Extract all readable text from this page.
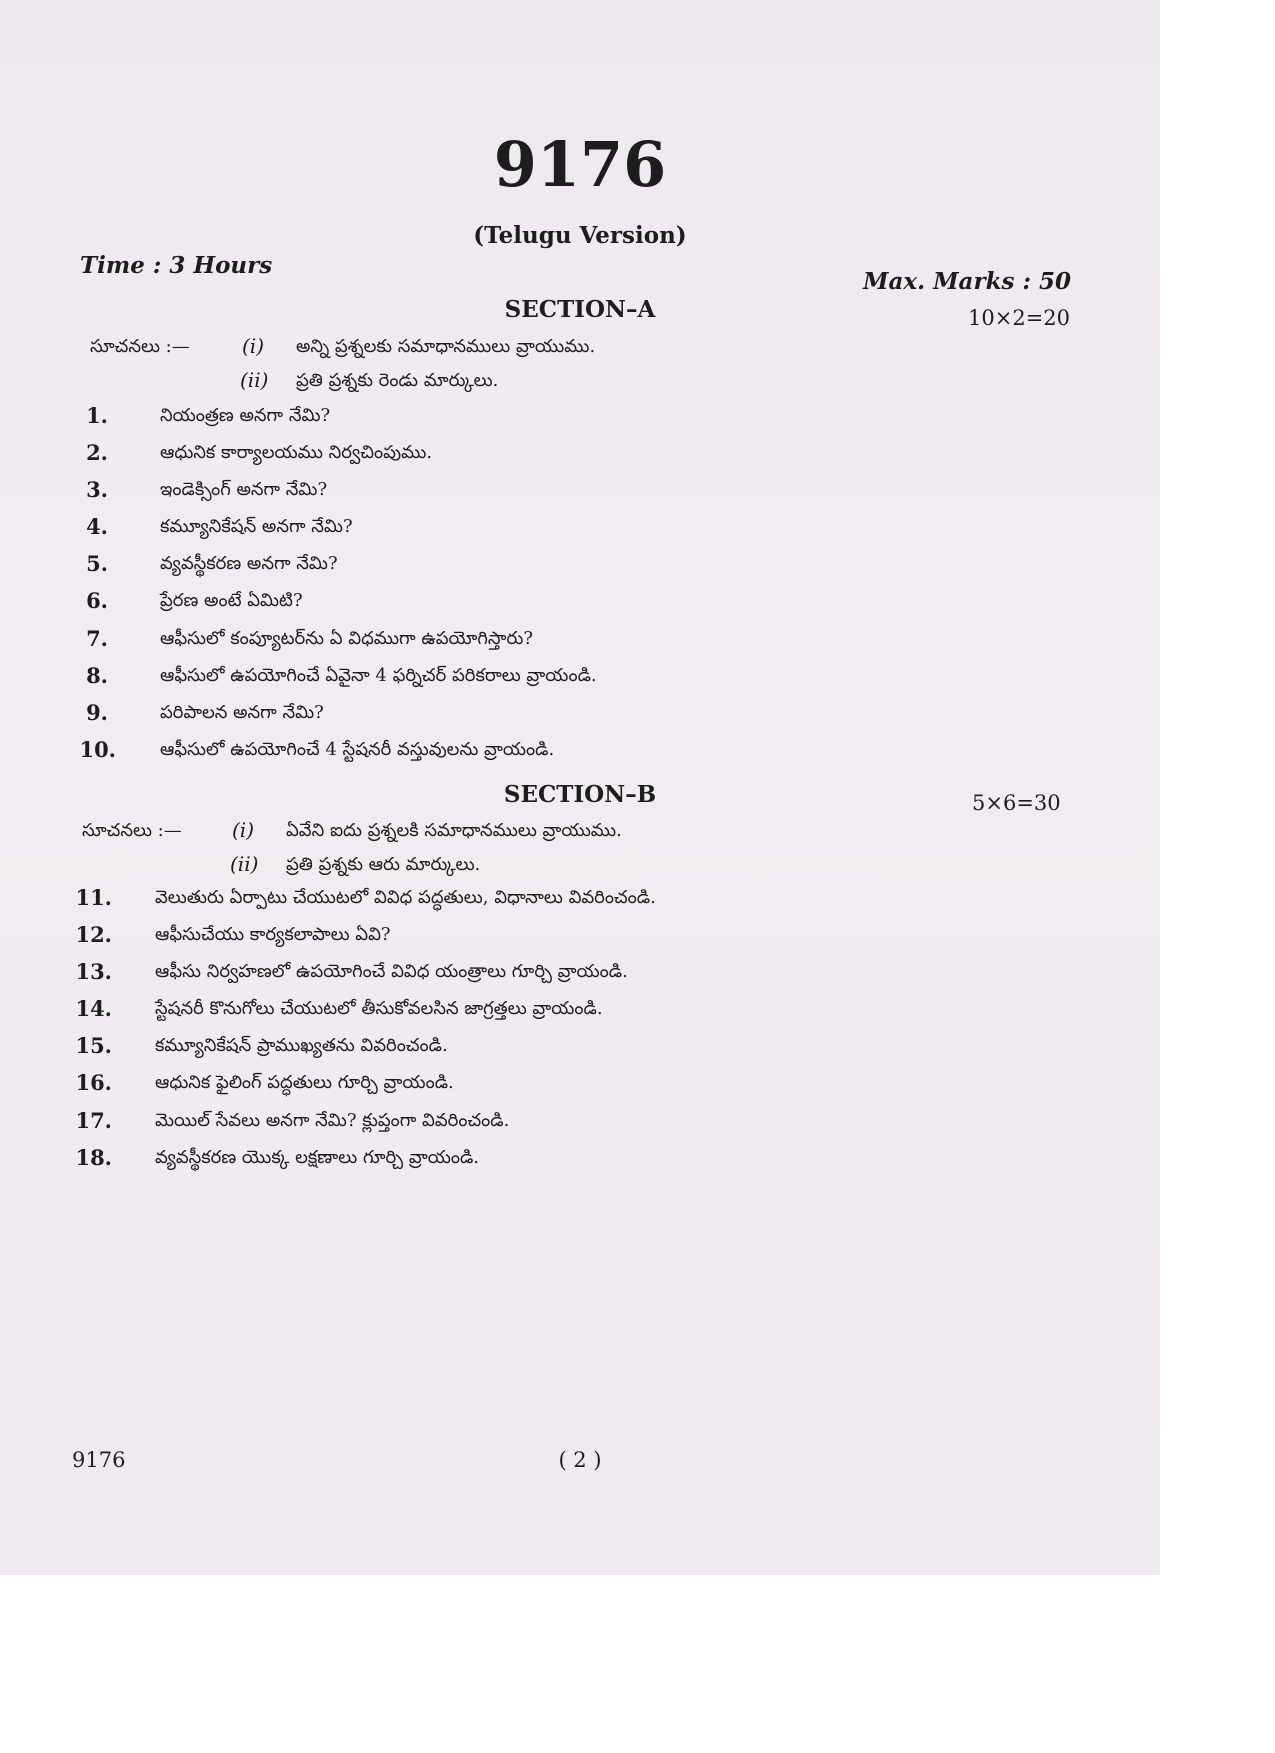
9176
(Telugu Version)
Time : 3 Hours
Max. Marks : 50
SECTION–A	10×2=20
సూచనలు :—	(i) అన్ని ప్రశ్నలకు సమాధానములు వ్రాయుము.
(ii) ప్రతి ప్రశ్నకు రెండు మార్కులు.
1.	నియంత్రణ అనగా నేమి?
2.	ఆధునిక కార్యాలయము నిర్వచింపుము.
3.	ఇండెక్సింగ్ అనగా నేమి?
4.	కమ్యూనికేషన్ అనగా నేమి?
5.	వ్యవస్థీకరణ అనగా నేమి?
6.	ప్రేరణ అంటే ఏమిటి?
7.	ఆఫీసులో కంప్యూటర్‌ను ఏ విధముగా ఉపయోగిస్తారు?
8.	ఆఫీసులో ఉపయోగించే ఏవైనా 4 ఫర్నిచర్ పరికరాలు వ్రాయండి.
9.	పరిపాలన అనగా నేమి?
10. ఆఫీసులో ఉపయోగించే 4 స్టేషనరీ వస్తువులను వ్రాయండి.
SECTION–B	5×6=30
సూచనలు :—	(i) ఏవేని ఐదు ప్రశ్నలకి సమాధానములు వ్రాయుము.
(ii) ప్రతి ప్రశ్నకు ఆరు మార్కులు.
11. వెలుతురు ఏర్పాటు చేయుటలో వివిధ పద్ధతులు, విధానాలు వివరించండి.
12. ఆఫీసుచేయు కార్యకలాపాలు ఏవి?
13. ఆఫీసు నిర్వహణలో ఉపయోగించే వివిధ యంత్రాలు గూర్చి వ్రాయండి.
14. స్టేషనరీ కొనుగోలు చేయుటలో తీసుకోవలసిన జాగ్రత్తలు వ్రాయండి.
15. కమ్యూనికేషన్ ప్రాముఖ్యతను వివరించండి.
16. ఆధునిక ఫైలింగ్ పద్ధతులు గూర్చి వ్రాయండి.
17. మెయిల్ సేవలు అనగా నేమి? క్లుప్తంగా వివరించండి.
18. వ్యవస్థీకరణ యొక్క లక్షణాలు గూర్చి వ్రాయండి.
9176	( 2 )
